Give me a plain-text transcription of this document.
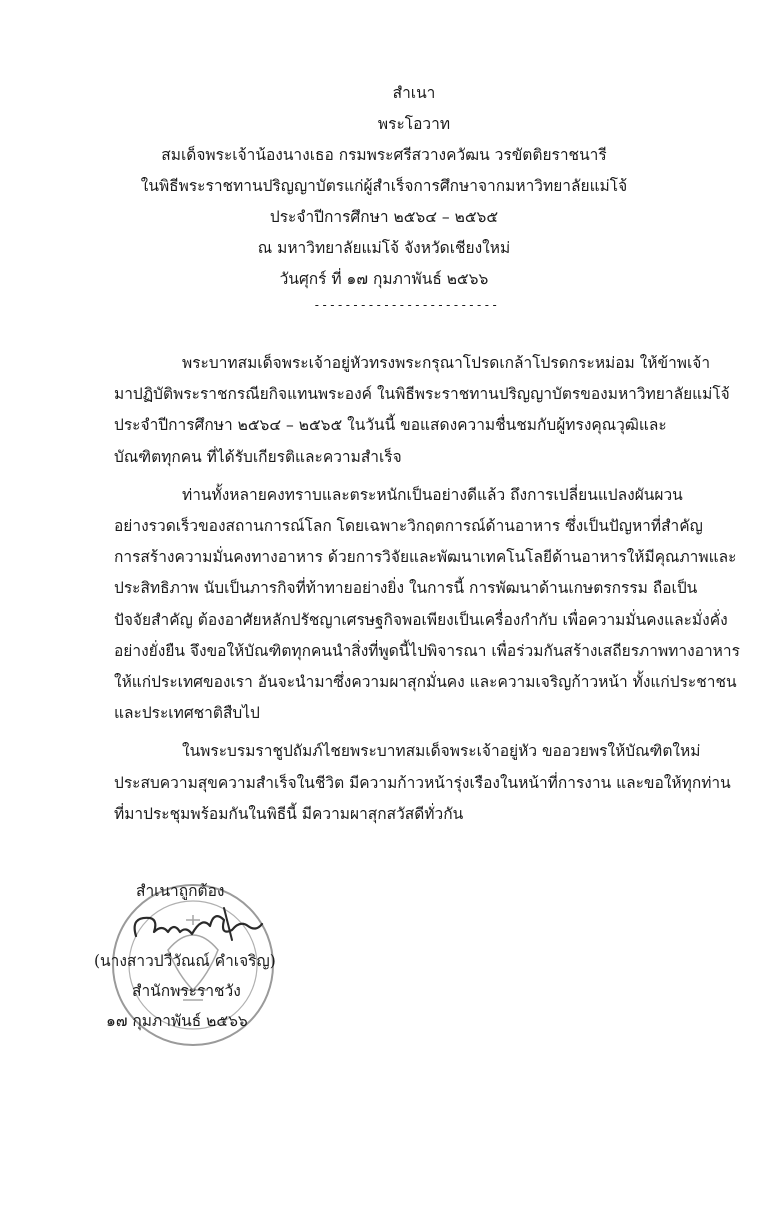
สำเนา
พระโอวาท
สมเด็จพระเจ้าน้องนางเธอ กรมพระศรีสวางควัฒน วรขัตติยราชนารี
ในพิธีพระราชทานปริญญาบัตรแก่ผู้สำเร็จการศึกษาจากมหาวิทยาลัยแม่โจ้
ประจำปีการศึกษา ๒๕๖๔ – ๒๕๖๕
ณ มหาวิทยาลัยแม่โจ้ จังหวัดเชียงใหม่
วันศุกร์ ที่ ๑๗ กุมภาพันธ์ ๒๕๖๖
------------------------
พระบาทสมเด็จพระเจ้าอยู่หัวทรงพระกรุณาโปรดเกล้าโปรดกระหม่อม ให้ข้าพเจ้า
มาปฏิบัติพระราชกรณียกิจแทนพระองค์ ในพิธีพระราชทานปริญญาบัตรของมหาวิทยาลัยแม่โจ้
ประจำปีการศึกษา ๒๕๖๔ – ๒๕๖๕ ในวันนี้ ขอแสดงความชื่นชมกับผู้ทรงคุณวุฒิและ
บัณฑิตทุกคน ที่ได้รับเกียรติและความสำเร็จ
ท่านทั้งหลายคงทราบและตระหนักเป็นอย่างดีแล้ว ถึงการเปลี่ยนแปลงผันผวน
อย่างรวดเร็วของสถานการณ์โลก โดยเฉพาะวิกฤตการณ์ด้านอาหาร ซึ่งเป็นปัญหาที่สำคัญ
การสร้างความมั่นคงทางอาหาร ด้วยการวิจัยและพัฒนาเทคโนโลยีด้านอาหารให้มีคุณภาพและ
ประสิทธิภาพ นับเป็นภารกิจที่ท้าทายอย่างยิ่ง ในการนี้ การพัฒนาด้านเกษตรกรรม ถือเป็น
ปัจจัยสำคัญ ต้องอาศัยหลักปรัชญาเศรษฐกิจพอเพียงเป็นเครื่องกำกับ เพื่อความมั่นคงและมั่งคั่ง
อย่างยั่งยืน จึงขอให้บัณฑิตทุกคนนำสิ่งที่พูดนี้ไปพิจารณา เพื่อร่วมกันสร้างเสถียรภาพทางอาหาร
ให้แก่ประเทศของเรา อันจะนำมาซึ่งความผาสุกมั่นคง และความเจริญก้าวหน้า ทั้งแก่ประชาชน
และประเทศชาติสืบไป
ในพระบรมราชูปถัมภ์ไชยพระบาทสมเด็จพระเจ้าอยู่หัว ขออวยพรให้บัณฑิตใหม่
ประสบความสุขความสำเร็จในชีวิต มีความก้าวหน้ารุ่งเรืองในหน้าที่การงาน และขอให้ทุกท่าน
ที่มาประชุมพร้อมกันในพิธีนี้ มีความผาสุกสวัสดีทั่วกัน
สำเนาถูกต้อง
(นางสาวปวีวัณณ์ คำเจริญ)
สำนักพระราชวัง
๑๗ กุมภาพันธ์ ๒๕๖๖
